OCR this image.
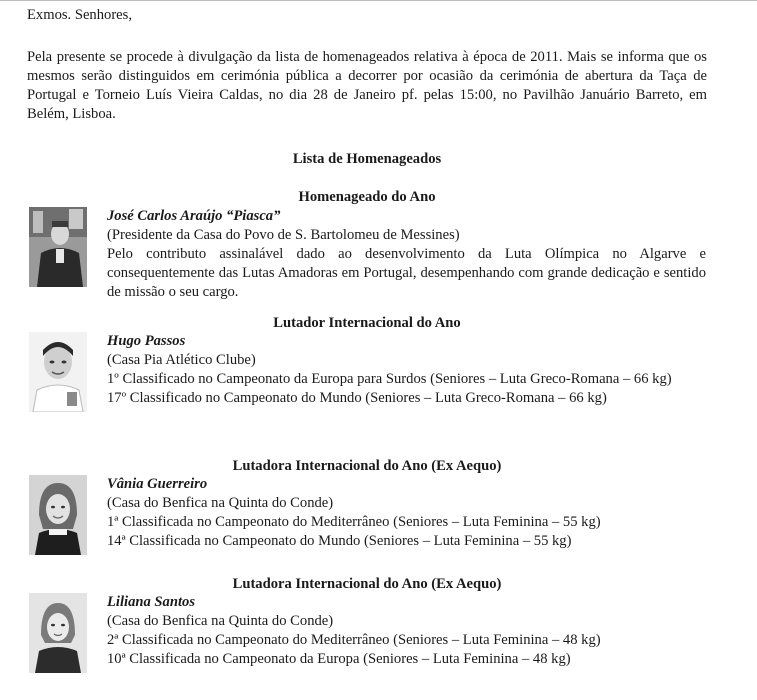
Exmos. Senhores,

Pela presente se procede à divulgação da lista de homenageados relativa à época de 2011. Mais se informa que os mesmos serão distinguidos em cerimónia pública a decorrer por ocasião da cerimónia de abertura da Taça de Portugal e Torneio Luís Vieira Caldas, no dia 28 de Janeiro pf. pelas 15:00, no Pavilhão Januário Barreto, em Belém, Lisboa.

Lista de Homenageados
Homenageado do Ano
José Carlos Araújo “Piasca”
(Presidente da Casa do Povo de S. Bartolomeu de Messines)
Pelo contributo assinalável dado ao desenvolvimento da Luta Olímpica no Algarve e consequentemente das Lutas Amadoras em Portugal, desempenhando com grande dedicação e sentido de missão o seu cargo.
Lutador Internacional do Ano
Hugo Passos
(Casa Pia Atlético Clube)
1º Classificado no Campeonato da Europa para Surdos (Seniores – Luta Greco-Romana – 66 kg)
17º Classificado no Campeonato do Mundo (Seniores – Luta Greco-Romana – 66 kg)
Lutadora Internacional do Ano (Ex Aequo)
Vânia Guerreiro
(Casa do Benfica na Quinta do Conde)
1ª Classificada no Campeonato do Mediterrâneo (Seniores – Luta Feminina – 55 kg)
14ª Classificada no Campeonato do Mundo (Seniores – Luta Feminina – 55 kg)
Lutadora Internacional do Ano (Ex Aequo)
Liliana Santos
(Casa do Benfica na Quinta do Conde)
2ª Classificada no Campeonato do Mediterrâneo (Seniores – Luta Feminina – 48 kg)
10ª Classificada no Campeonato da Europa (Seniores – Luta Feminina – 48 kg)
